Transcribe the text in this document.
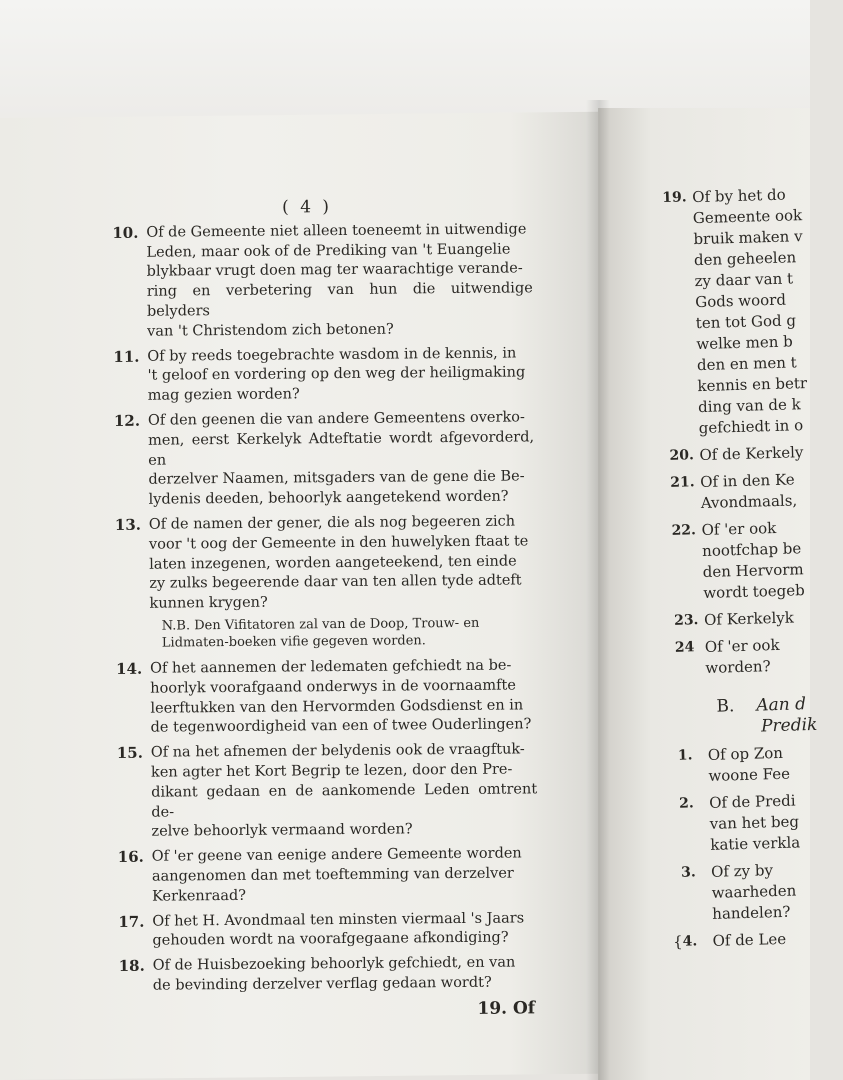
( 4 )
10. Of de Gemeente niet alleen toeneemt in uitwendige
Leden, maar ook of de Prediking van 't Euangelie
blykbaar vrugt doen mag ter waarachtige verande-
ring en verbetering van hun die uitwendige belyders
van 't Christendom zich betonen?
11. Of by reeds toegebrachte wasdom in de kennis, in
't geloof en vordering op den weg der heiligmaking
mag gezien worden?
12. Of den geenen die van andere Gemeentens overko-
men, eerst Kerkelyk Adteftatie wordt afgevorderd, en
derzelver Naamen, mitsgaders van de gene die Be-
lydenis deeden, behoorlyk aangetekend worden?
13. Of de namen der gener, die als nog begeeren zich
voor 't oog der Gemeente in den huwelyken ftaat te
laten inzegenen, worden aangeteekend, ten einde
zy zulks begeerende daar van ten allen tyde adteft
kunnen krygen?
N.B. Den Vifitatoren zal van de Doop, Trouw- en
Lidmaten-boeken vifie gegeven worden.
14. Of het aannemen der ledematen gefchiedt na be-
hoorlyk voorafgaand onderwys in de voornaamfte
leerftukken van den Hervormden Godsdienst en in
de tegenwoordigheid van een of twee Ouderlingen?
15. Of na het afnemen der belydenis ook de vraagftuk-
ken agter het Kort Begrip te lezen, door den Pre-
dikant gedaan en de aankomende Leden omtrent de-
zelve behoorlyk vermaand worden?
16. Of 'er geene van eenige andere Gemeente worden
aangenomen dan met toeftemming van derzelver
Kerkenraad?
17. Of het H. Avondmaal ten minsten viermaal 's Jaars
gehouden wordt na voorafgegaane afkondiging?
18. Of de Huisbezoeking behoorlyk gefchiedt, en van
de bevinding derzelver verflag gedaan wordt?
19. Of
19. Of by het do
Gemeente ook
bruik maken v
den geheelen
zy daar van t
Gods woord
ten tot God g
welke men b
den en men t
kennis en betr
ding van de k
gefchiedt in o
20. Of de Kerkely
21. Of in den Ke
Avondmaals,
22. Of 'er ook
nootfchap be
den Hervorm
wordt toegeb
23. Of Kerkelyk
24 Of 'er ook
worden?
B. Aan d
Predik
1. Of op Zon
woone Fee
2. Of de Predi
van het beg
katie verkla
3. Of zy by
waarheden
handelen?
{ 4. Of de Lee
